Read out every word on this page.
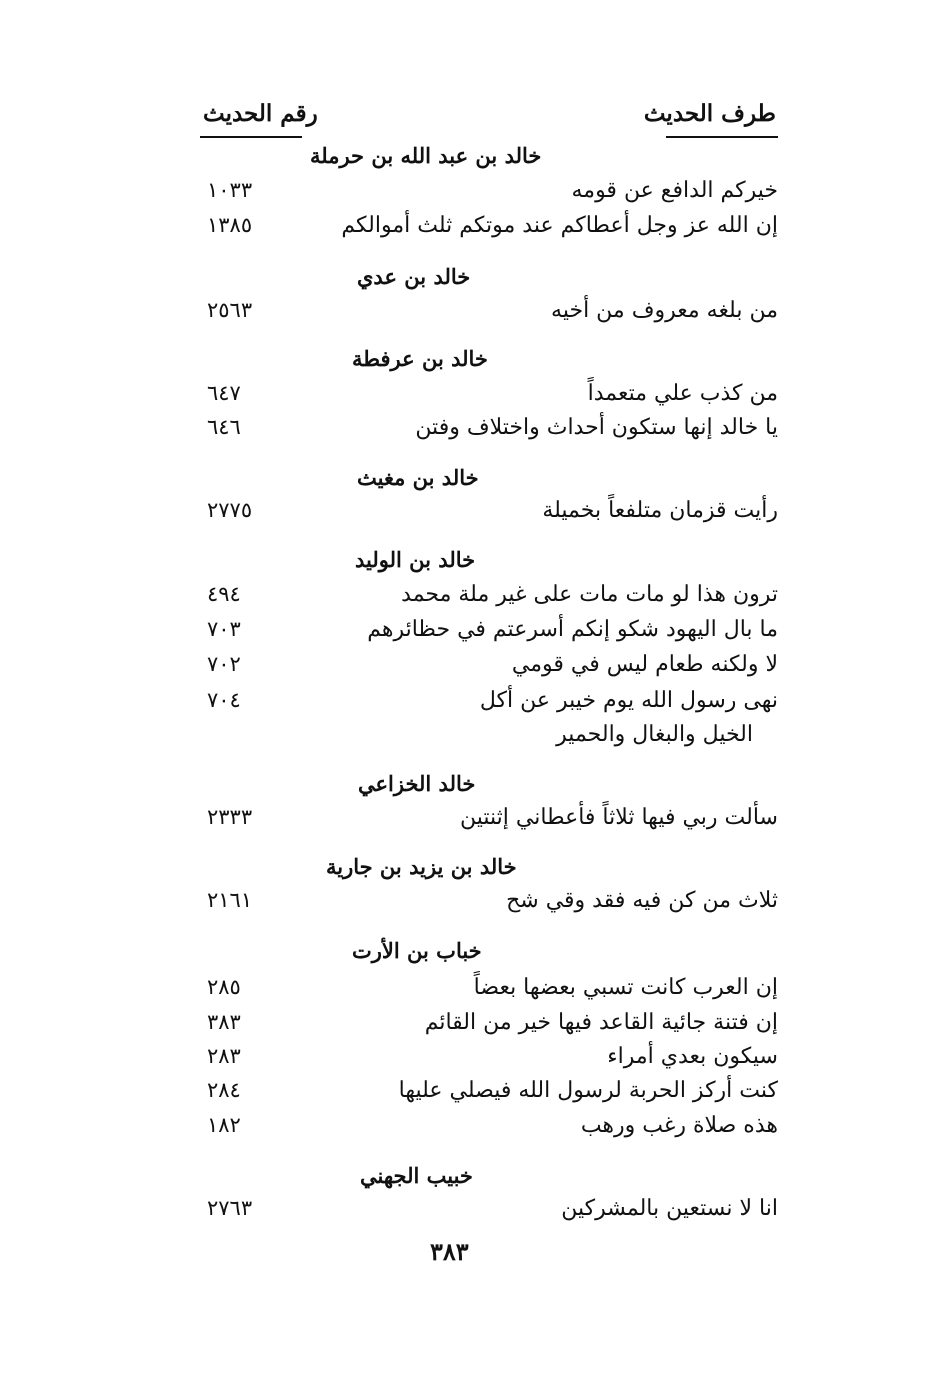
طرف الحديث
رقم الحديث
خالد بن عبد الله بن حرملة
خيركم الدافع عن قومه
١٠٣٣
إن الله عز وجل أعطاكم عند موتكم ثلث أموالكم
١٣٨٥
خالد بن عدي
من بلغه معروف من أخيه
٢٥٦٣
خالد بن عرفطة
من كذب علي متعمداً
٦٤٧
يا خالد إنها ستكون أحداث واختلاف وفتن
٦٤٦
خالد بن مغيث
رأيت قزمان متلفعاً بخميلة
٢٧٧٥
خالد بن الوليد
ترون هذا لو مات مات على غير ملة محمد
٤٩٤
ما بال اليهود شكو إنكم أسرعتم في حظائرهم
٧٠٣
لا ولكنه طعام ليس في قومي
٧٠٢
نهى رسول الله يوم خيبر عن أكل
٧٠٤
الخيل والبغال والحمير
خالد الخزاعي
سألت ربي فيها ثلاثاً فأعطاني إثنتين
٢٣٣٣
خالد بن يزيد بن جارية
ثلاث من كن فيه فقد وقي شح
٢١٦١
خباب بن الأرت
إن العرب كانت تسبي بعضها بعضاً
٢٨٥
إن فتنة جائية القاعد فيها خير من القائم
٣٨٣
سيكون بعدي أمراء
٢٨٣
كنت أركز الحربة لرسول الله فيصلي عليها
٢٨٤
هذه صلاة رغب ورهب
١٨٢
خبيب الجهني
انا لا نستعين بالمشركين
٢٧٦٣
٣٨٣
